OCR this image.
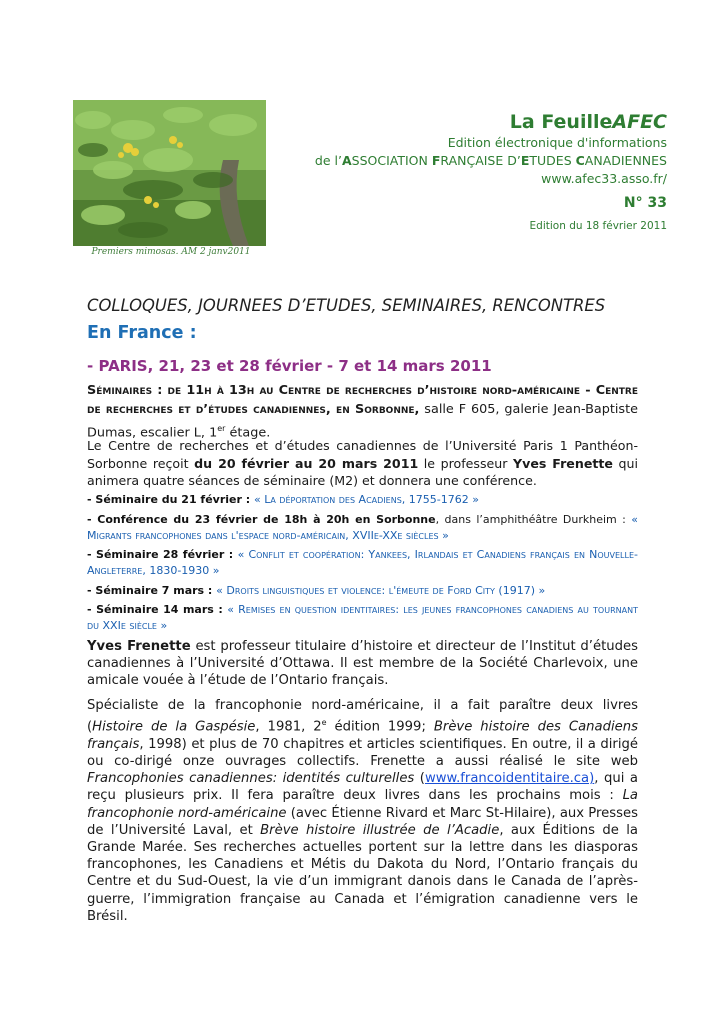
Premiers mimosas. AM 2 janv2011
La FeuilleAFEC
Edition électronique d'informations
de l’ASSOCIATION FRANÇAISE D’ETUDES CANADIENNES
www.afec33.asso.fr/
N° 33
Edition du 18 février 2011
COLLOQUES, JOURNEES D’ETUDES, SEMINAIRES, RENCONTRES
En France :
- PARIS, 21, 23 et 28 février - 7 et 14 mars 2011
Séminaires : de 11h à 13h au Centre de recherches d’histoire nord-américaine - Centre de recherches et d’études canadiennes, en Sorbonne, salle F 605, galerie Jean-Baptiste Dumas, escalier L, 1er étage.
Le Centre de recherches et d’études canadiennes de l’Université Paris 1 Panthéon-Sorbonne reçoit du 20 février au 20 mars 2011 le professeur Yves Frenette qui animera quatre séances de séminaire (M2) et donnera une conférence.
- Séminaire du 21 février : « La déportation des Acadiens, 1755-1762 »
- Conférence du 23 février de 18h à 20h en Sorbonne, dans l’amphithéâtre Durkheim : « Migrants francophones dans l'espace nord-américain, XVIIe-XXe siècles »
- Séminaire 28 février : « Conflit et coopération: Yankees, Irlandais et Canadiens français en Nouvelle-Angleterre, 1830-1930 »
- Séminaire 7 mars : « Droits linguistiques et violence: l'émeute de Ford City (1917) »
- Séminaire 14 mars : « Remises en question identitaires: les jeunes francophones canadiens au tournant du XXIe siècle »
Yves Frenette est professeur titulaire d’histoire et directeur de l’Institut d’études canadiennes à l’Université d’Ottawa. Il est membre de la Société Charlevoix, une amicale vouée à l’étude de l’Ontario français.
Spécialiste de la francophonie nord-américaine, il a fait paraître deux livres (Histoire de la Gaspésie, 1981, 2e édition 1999; Brève histoire des Canadiens français, 1998) et plus de 70 chapitres et articles scientifiques. En outre, il a dirigé ou co-dirigé onze ouvrages collectifs. Frenette a aussi réalisé le site web Francophonies canadiennes: identités culturelles (www.francoidentitaire.ca), qui a reçu plusieurs prix. Il fera paraître deux livres dans les prochains mois : La francophonie nord-américaine (avec Étienne Rivard et Marc St-Hilaire), aux Presses de l’Université Laval, et Brève histoire illustrée de l’Acadie, aux Éditions de la Grande Marée. Ses recherches actuelles portent sur la lettre dans les diasporas francophones, les Canadiens et Métis du Dakota du Nord, l’Ontario français du Centre et du Sud-Ouest, la vie d’un immigrant danois dans le Canada de l’après-guerre, l’immigration française au Canada et l’émigration canadienne vers le Brésil.
